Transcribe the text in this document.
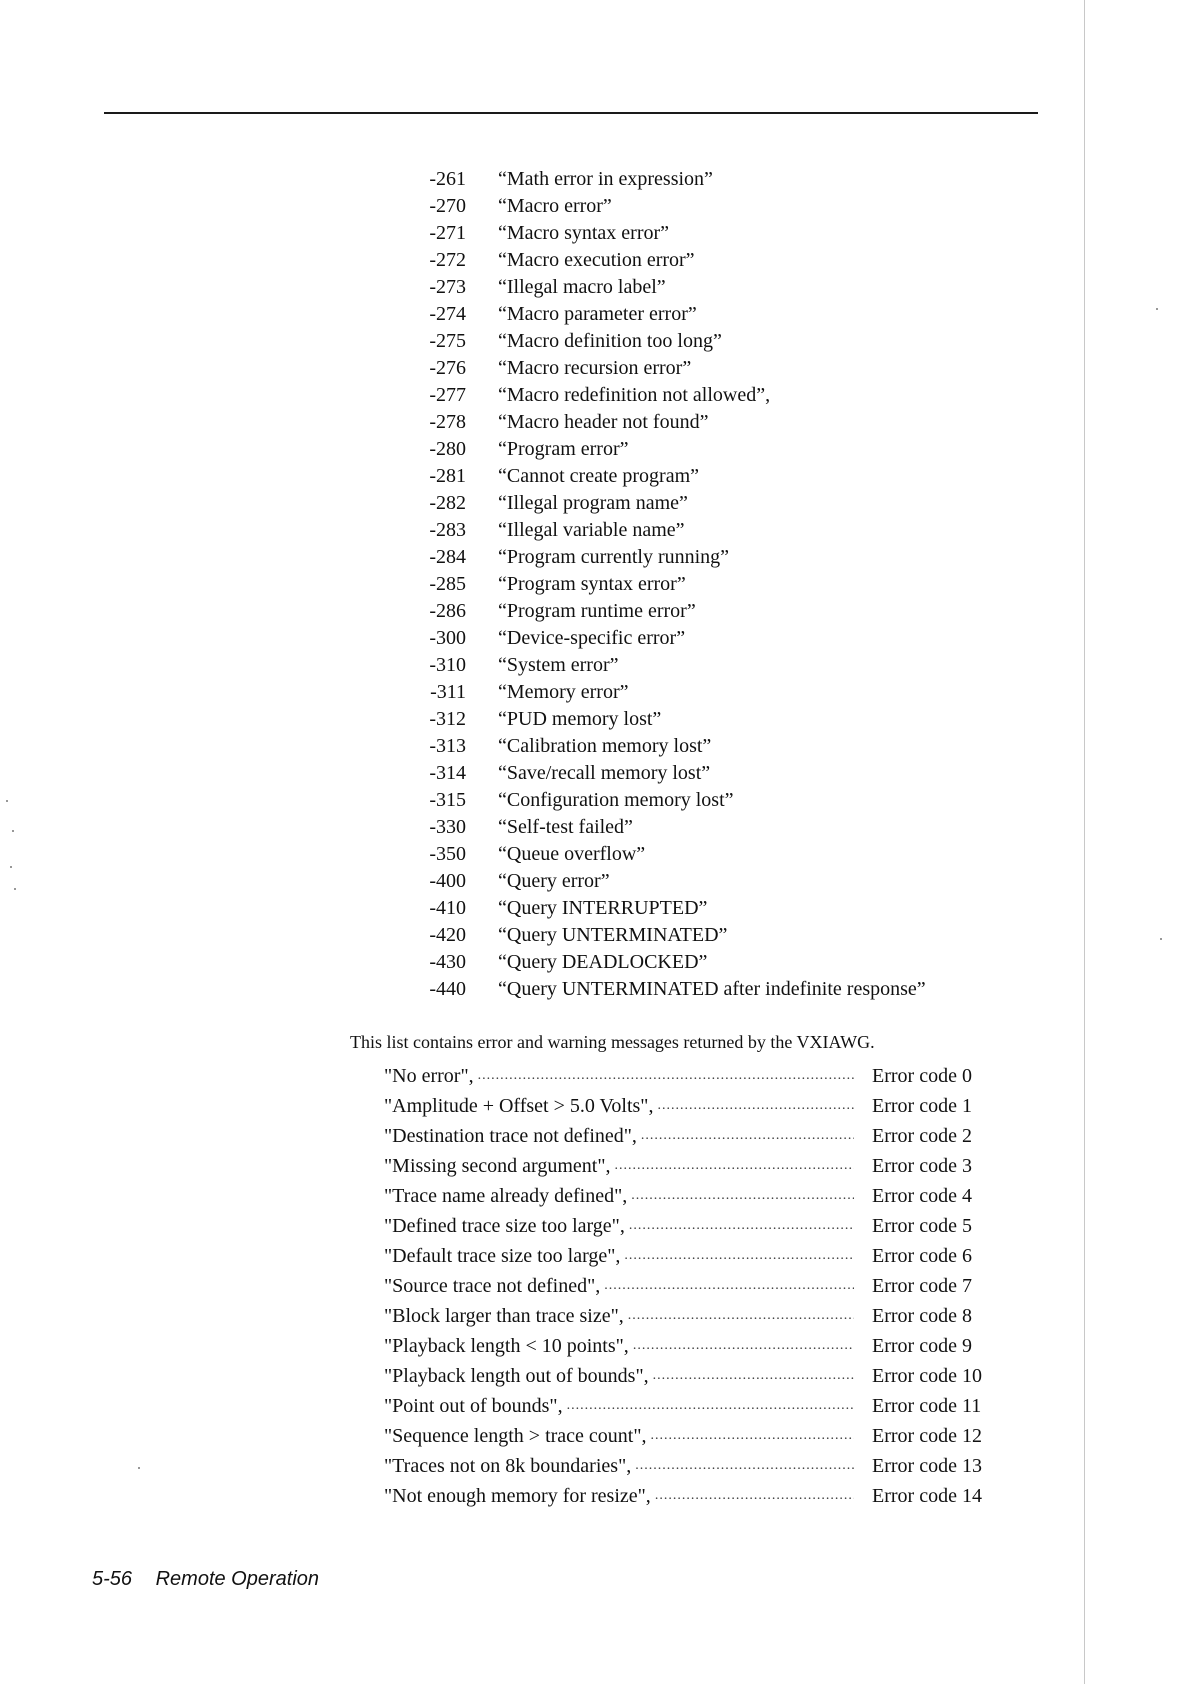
-261	“Math error in expression”
-270	“Macro error”
-271	“Macro syntax error”
-272	“Macro execution error”
-273	“Illegal macro label”
-274	“Macro parameter error”
-275	“Macro definition too long”
-276	“Macro recursion error”
-277	“Macro redefinition not allowed”,
-278	“Macro header not found”
-280	“Program error”
-281	“Cannot create program”
-282	“Illegal program name”
-283	“Illegal variable name”
-284	“Program currently running”
-285	“Program syntax error”
-286	“Program runtime error”
-300	“Device-specific error”
-310	“System error”
-311	“Memory error”
-312	“PUD memory lost”
-313	“Calibration memory lost”
-314	“Save/recall memory lost”
-315	“Configuration memory lost”
-330	“Self-test failed”
-350	“Queue overflow”
-400	“Query error”
-410	“Query INTERRUPTED”
-420	“Query UNTERMINATED”
-430	“Query DEADLOCKED”
-440	“Query UNTERMINATED after indefinite response”
This list contains error and warning messages returned by the VXIAWG.
"No error", .....	Error code 0
"Amplitude + Offset > 5.0 Volts", .....	Error code 1
"Destination trace not defined", .....	Error code 2
"Missing second argument", .....	Error code 3
"Trace name already defined", .....	Error code 4
"Defined trace size too large", .....	Error code 5
"Default trace size too large", .....	Error code 6
"Source trace not defined", .....	Error code 7
"Block larger than trace size", .....	Error code 8
"Playback length < 10 points", .....	Error code 9
"Playback length out of bounds", .....	Error code 10
"Point out of bounds", .....	Error code 11
"Sequence length > trace count", .....	Error code 12
"Traces not on 8k boundaries", .....	Error code 13
"Not enough memory for resize", .....	Error code 14
5-56 Remote Operation
